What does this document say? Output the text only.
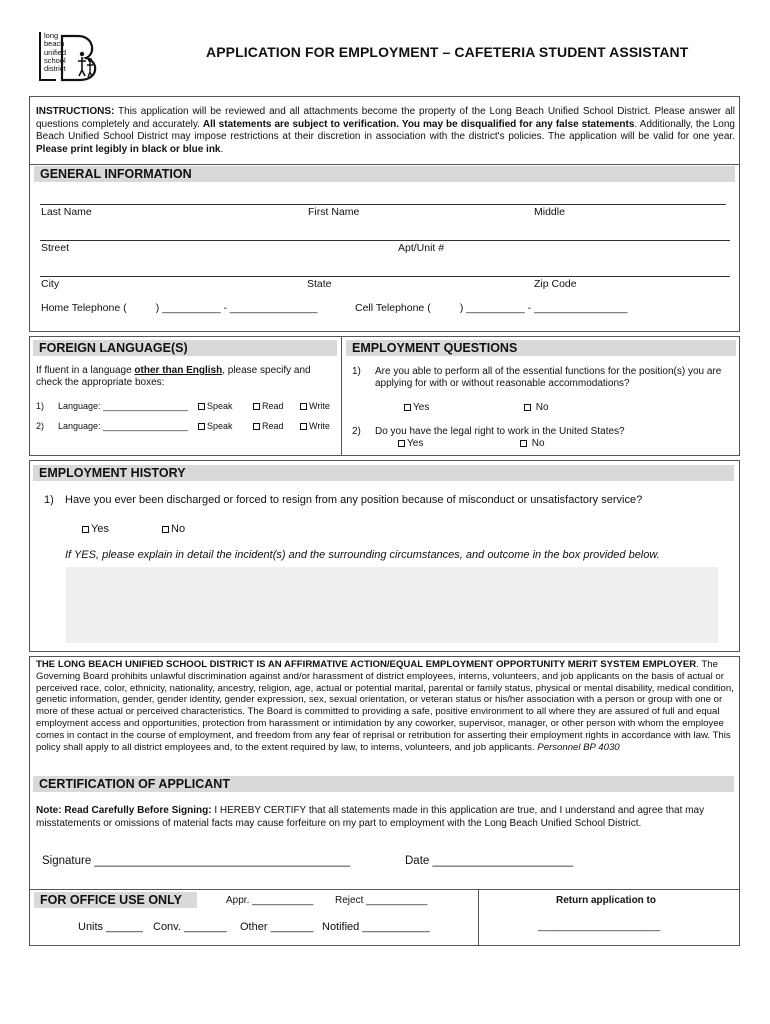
long
beach
unified
school
district
APPLICATION FOR EMPLOYMENT – CAFETERIA STUDENT ASSISTANT
INSTRUCTIONS: This application will be reviewed and all attachments become the property of the Long Beach Unified School District. Please answer all questions completely and accurately. All statements are subject to verification. You may be disqualified for any false statements. Additionally, the Long Beach Unified School District may impose restrictions at their discretion in association with the district's policies. The application will be valid for one year. Please print legibly in black or blue ink.
GENERAL INFORMATION
Last Name	First Name	Middle
Street	Apt/Unit #
City	State	Zip Code
Home Telephone (          ) __________ - _______________	Cell Telephone (          ) __________ - ________________
FOREIGN LANGUAGE(S)
If fluent in a language other than English, please specify and check the appropriate boxes:
1) Language: _________________	Speak	Read	Write
2) Language: _________________	Speak	Read	Write
EMPLOYMENT QUESTIONS
1) Are you able to perform all of the essential functions for the position(s) you are applying for with or without reasonable accommodations?
Yes	No
2) Do you have the legal right to work in the United States?
Yes	No
EMPLOYMENT HISTORY
1) Have you ever been discharged or forced to resign from any position because of misconduct or unsatisfactory service?
Yes	No
If YES, please explain in detail the incident(s) and the surrounding circumstances, and outcome in the box provided below.
THE LONG BEACH UNIFIED SCHOOL DISTRICT IS AN AFFIRMATIVE ACTION/EQUAL EMPLOYMENT OPPORTUNITY MERIT SYSTEM EMPLOYER. The Governing Board prohibits unlawful discrimination against and/or harassment of district employees, interns, volunteers, and job applicants on the basis of actual or perceived race, color, ethnicity, nationality, ancestry, religion, age, actual or potential marital, parental or family status, physical or mental disability, medical condition, genetic information, gender, gender identity, gender expression, sex, sexual orientation, or veteran status or his/her association with a person or group with one or more of these actual or perceived characteristics. The Board is committed to providing a safe, positive environment to all where they are assured of full and equal employment access and opportunities, protection from harassment or intimidation by any coworker, supervisor, manager, or other person with whom the employee comes in contact in the course of employment, and freedom from any fear of reprisal or retribution for asserting their employment rights in accordance with law. This policy shall apply to all district employees and, to the extent required by law, to interns, volunteers, and job applicants. Personnel BP 4030
CERTIFICATION OF APPLICANT
Note: Read Carefully Before Signing: I HEREBY CERTIFY that all statements made in this application are true, and I understand and agree that may misstatements or omissions of material facts may cause forfeiture on my part to employment with the Long Beach Unified School District.
Signature ________________________________________	Date ______________________
FOR OFFICE USE ONLY	Appr. ___________ Reject ___________
Units ______ Conv. _______ Other _______ Notified ___________
Return application to
______________________
